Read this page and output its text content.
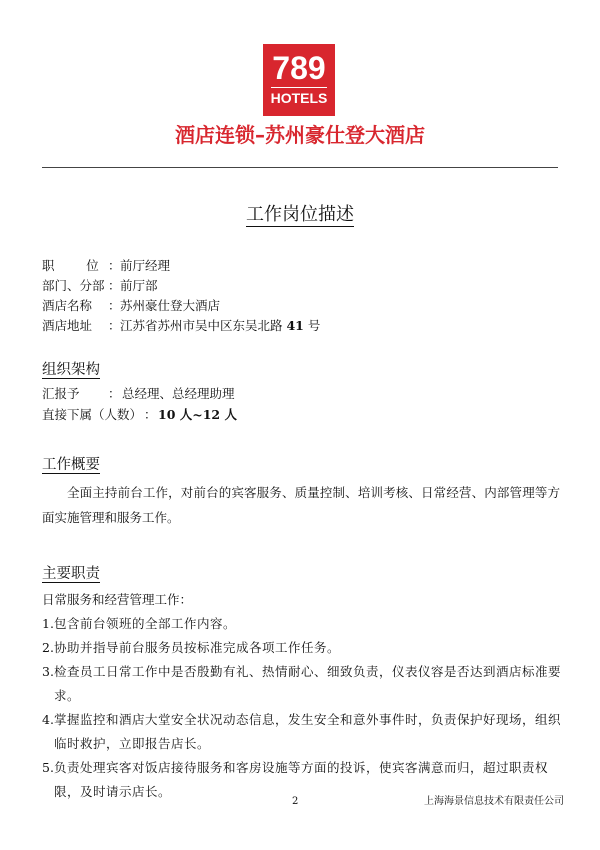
789
HOTELS
酒店连锁–苏州豪仕登大酒店
工作岗位描述
职        位 ：前厅经理
部门、分部 ：前厅部
酒店名称 ：苏州豪仕登大酒店
酒店地址 ：江苏省苏州市吴中区东吴北路 41 号
组织架构
汇报予 ：总经理、总经理助理
直接下属（人数） ：10 人~12 人
工作概要
全面主持前台工作，对前台的宾客服务、质量控制、培训考核、日常经营、内部管理等方面实施管理和服务工作。
主要职责
日常服务和经营管理工作：
1. 包含前台领班的全部工作内容。
2. 协助并指导前台服务员按标准完成各项工作任务。
3. 检查员工日常工作中是否殷勤有礼、热情耐心、细致负责，仪表仪容是否达到酒店标准要求。
4. 掌握监控和酒店大堂安全状况动态信息，发生安全和意外事件时，负责保护好现场，组织临时救护，立即报告店长。
5. 负责处理宾客对饭店接待服务和客房设施等方面的投诉，使宾客满意而归，超过职责权限，及时请示店长。
2	上海海景信息技术有限责任公司
